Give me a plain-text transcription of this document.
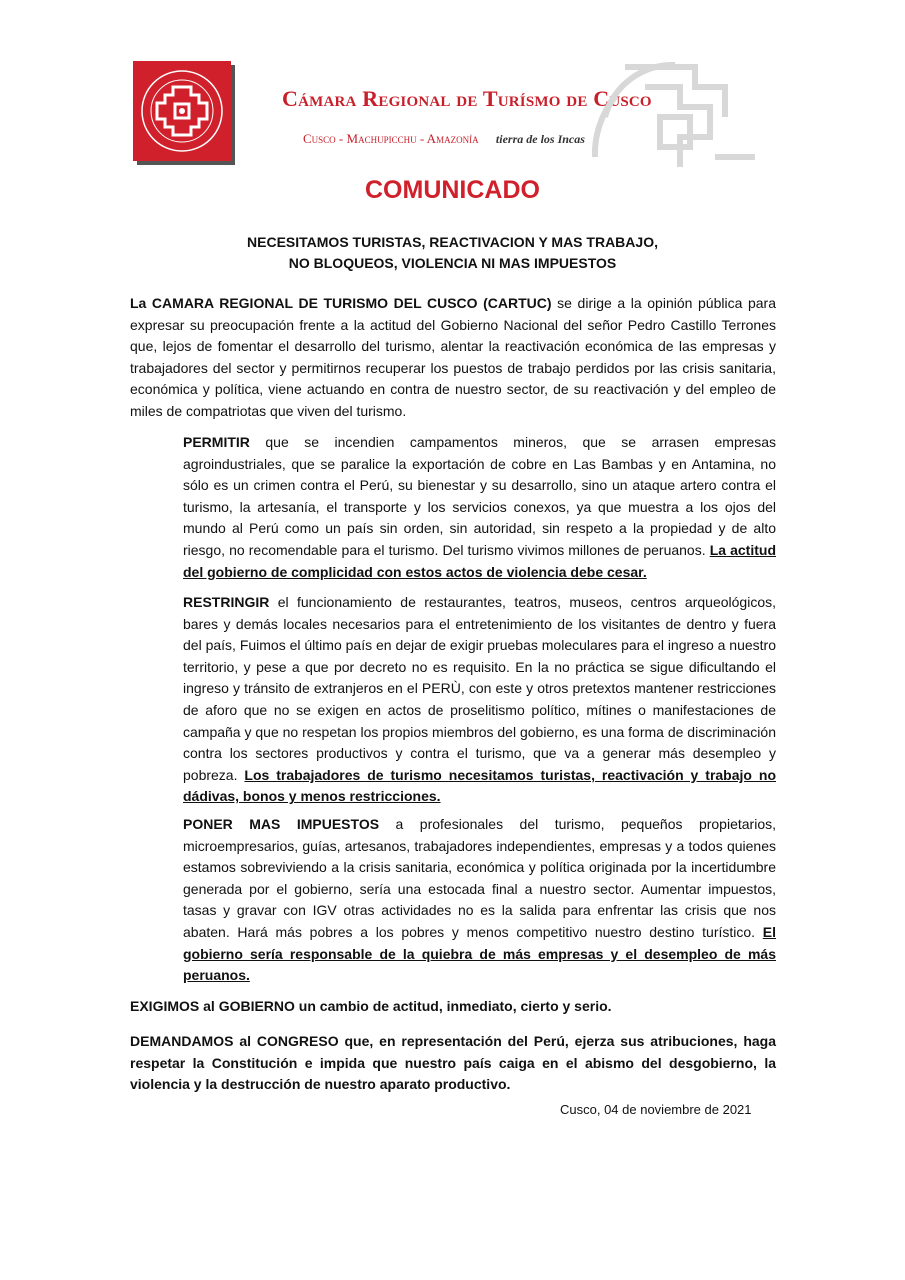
Cámara Regional de Turísmo de Cusco
Cusco - Machupicchu - Amazonía tierra de los Incas
COMUNICADO
NECESITAMOS TURISTAS, REACTIVACION Y MAS TRABAJO,
NO BLOQUEOS, VIOLENCIA NI MAS IMPUESTOS

La CAMARA REGIONAL DE TURISMO DEL CUSCO (CARTUC) se dirige a la opinión pública para expresar su preocupación frente a la actitud del Gobierno Nacional del señor Pedro Castillo Terrones que, lejos de fomentar el desarrollo del turismo, alentar la reactivación económica de las empresas y trabajadores del sector y permitirnos recuperar los puestos de trabajo perdidos por las crisis sanitaria, económica y política, viene actuando en contra de nuestro sector, de su reactivación y del empleo de miles de compatriotas que viven del turismo.

PERMITIR que se incendien campamentos mineros, que se arrasen empresas agroindustriales, que se paralice la exportación de cobre en Las Bambas y en Antamina, no sólo es un crimen contra el Perú, su bienestar y su desarrollo, sino un ataque artero contra el turismo, la artesanía, el transporte y los servicios conexos, ya que muestra a los ojos del mundo al Perú como un país sin orden, sin autoridad, sin respeto a la propiedad y de alto riesgo, no recomendable para el turismo. Del turismo vivimos millones de peruanos. La actitud del gobierno de complicidad con estos actos de violencia debe cesar.

RESTRINGIR el funcionamiento de restaurantes, teatros, museos, centros arqueológicos, bares y demás locales necesarios para el entretenimiento de los visitantes de dentro y fuera del país, Fuimos el último país en dejar de exigir pruebas moleculares para el ingreso a nuestro territorio, y pese a que por decreto no es requisito. En la no práctica se sigue dificultando el ingreso y tránsito de extranjeros en el PERÙ, con este y otros pretextos mantener restricciones de aforo que no se exigen en actos de proselitismo político, mítines o manifestaciones de campaña y que no respetan los propios miembros del gobierno, es una forma de discriminación contra los sectores productivos y contra el turismo, que va a generar más desempleo y pobreza. Los trabajadores de turismo necesitamos turistas, reactivación y trabajo no dádivas, bonos y menos restricciones.

PONER MAS IMPUESTOS a profesionales del turismo, pequeños propietarios, microempresarios, guías, artesanos, trabajadores independientes, empresas y a todos quienes estamos sobreviviendo a la crisis sanitaria, económica y política originada por la incertidumbre generada por el gobierno, sería una estocada final a nuestro sector. Aumentar impuestos, tasas y gravar con IGV otras actividades no es la salida para enfrentar las crisis que nos abaten. Hará más pobres a los pobres y menos competitivo nuestro destino turístico. El gobierno sería responsable de la quiebra de más empresas y el desempleo de más peruanos.

EXIGIMOS al GOBIERNO un cambio de actitud, inmediato, cierto y serio.

DEMANDAMOS al CONGRESO que, en representación del Perú, ejerza sus atribuciones, haga respetar la Constitución e impida que nuestro país caiga en el abismo del desgobierno, la violencia y la destrucción de nuestro aparato productivo.

Cusco, 04 de noviembre de 2021
